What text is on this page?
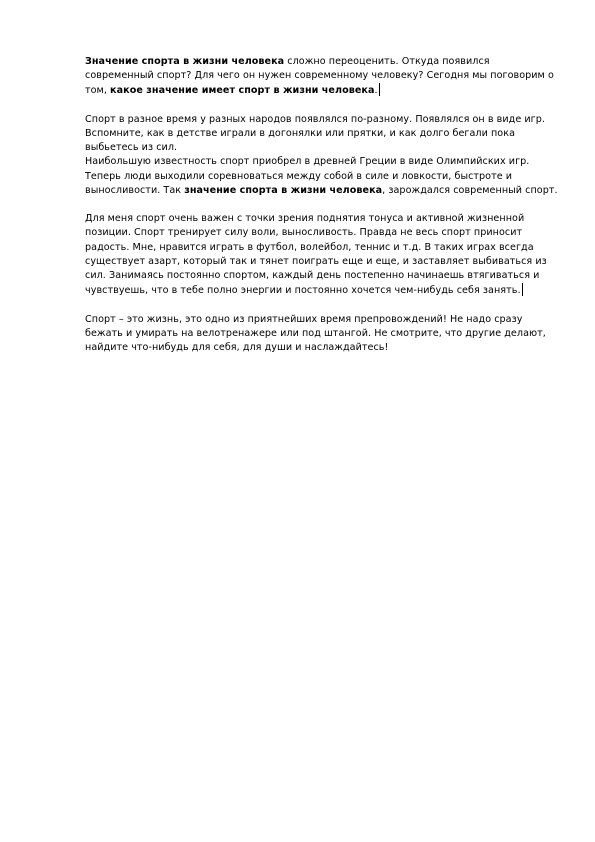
Значение спорта в жизни человека сложно переоценить. Откуда появился современный спорт? Для чего он нужен современному человеку? Сегодня мы поговорим о том, какое значение имеет спорт в жизни человека.

Спорт в разное время у разных народов появлялся по-разному. Появлялся он в виде игр. Вспомните, как в детстве играли в догонялки или прятки, и как долго бегали пока выбьетесь из сил.
Наибольшую известность спорт приобрел в древней Греции в виде Олимпийских игр. Теперь люди выходили соревноваться между собой в силе и ловкости, быстроте и выносливости. Так значение спорта в жизни человека, зарождался современный спорт.

Для меня спорт очень важен с точки зрения поднятия тонуса и активной жизненной позиции. Спорт тренирует силу воли, выносливость. Правда не весь спорт приносит радость. Мне, нравится играть в футбол, волейбол, теннис и т.д. В таких играх всегда существует азарт, который так и тянет поиграть еще и еще, и заставляет выбиваться из сил. Занимаясь постоянно спортом, каждый день постепенно начинаешь втягиваться и чувствуешь, что в тебе полно энергии и постоянно хочется чем-нибудь себя занять.

Спорт – это жизнь, это одно из приятнейших время препровождений! Не надо сразу бежать и умирать на велотренажере или под штангой. Не смотрите, что другие делают, найдите что-нибудь для себя, для души и наслаждайтесь!
